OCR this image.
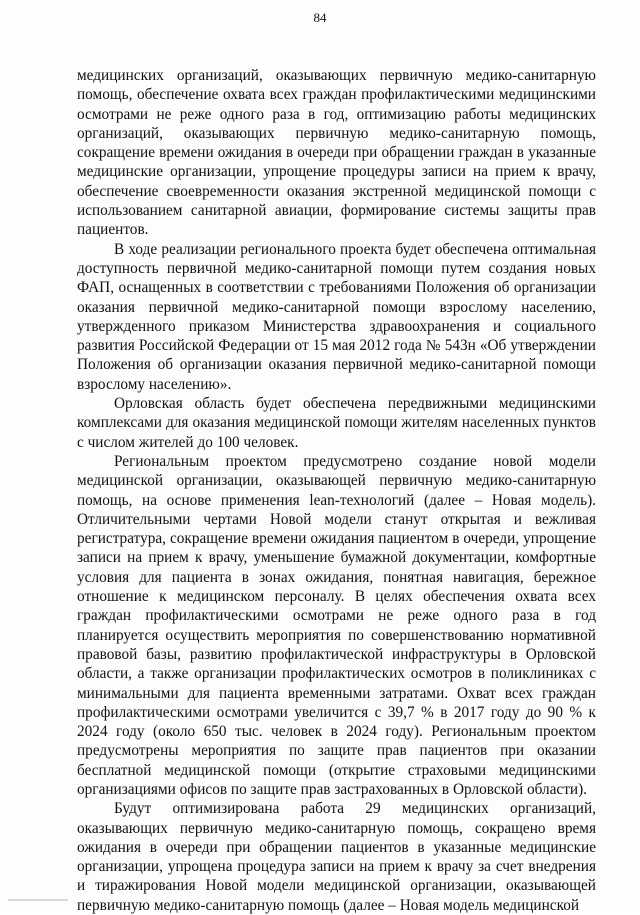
84

медицинских организаций, оказывающих первичную медико-санитарную помощь, обеспечение охвата всех граждан профилактическими медицинскими осмотрами не реже одного раза в год, оптимизацию работы медицинских организаций, оказывающих первичную медико-санитарную помощь, сокращение времени ожидания в очереди при обращении граждан в указанные медицинские организации, упрощение процедуры записи на прием к врачу, обеспечение своевременности оказания экстренной медицинской помощи с использованием санитарной авиации, формирование системы защиты прав пациентов.

В ходе реализации регионального проекта будет обеспечена оптимальная доступность первичной медико-санитарной помощи путем создания новых ФАП, оснащенных в соответствии с требованиями Положения об организации оказания первичной медико-санитарной помощи взрослому населению, утвержденного приказом Министерства здравоохранения и социального развития Российской Федерации от 15 мая 2012 года № 543н «Об утверждении Положения об организации оказания первичной медико-санитарной помощи взрослому населению».

Орловская область будет обеспечена передвижными медицинскими комплексами для оказания медицинской помощи жителям населенных пунктов с числом жителей до 100 человек.

Региональным проектом предусмотрено создание новой модели медицинской организации, оказывающей первичную медико-санитарную помощь, на основе применения lean-технологий (далее – Новая модель). Отличительными чертами Новой модели станут открытая и вежливая регистратура, сокращение времени ожидания пациентом в очереди, упрощение записи на прием к врачу, уменьшение бумажной документации, комфортные условия для пациента в зонах ожидания, понятная навигация, бережное отношение к медицинском персоналу. В целях обеспечения охвата всех граждан профилактическими осмотрами не реже одного раза в год планируется осуществить мероприятия по совершенствованию нормативной правовой базы, развитию профилактической инфраструктуры в Орловской области, а также организации профилактических осмотров в поликлиниках с минимальными для пациента временными затратами. Охват всех граждан профилактическими осмотрами увеличится с 39,7 % в 2017 году до 90 % к 2024 году (около 650 тыс. человек в 2024 году). Региональным проектом предусмотрены мероприятия по защите прав пациентов при оказании бесплатной медицинской помощи (открытие страховыми медицинскими организациями офисов по защите прав застрахованных в Орловской области).

Будут оптимизирована работа 29 медицинских организаций, оказывающих первичную медико-санитарную помощь, сокращено время ожидания в очереди при обращении пациентов в указанные медицинские организации, упрощена процедура записи на прием к врачу за счет внедрения и тиражирования Новой модели медицинской организации, оказывающей первичную медико-санитарную помощь (далее – Новая модель медицинской
